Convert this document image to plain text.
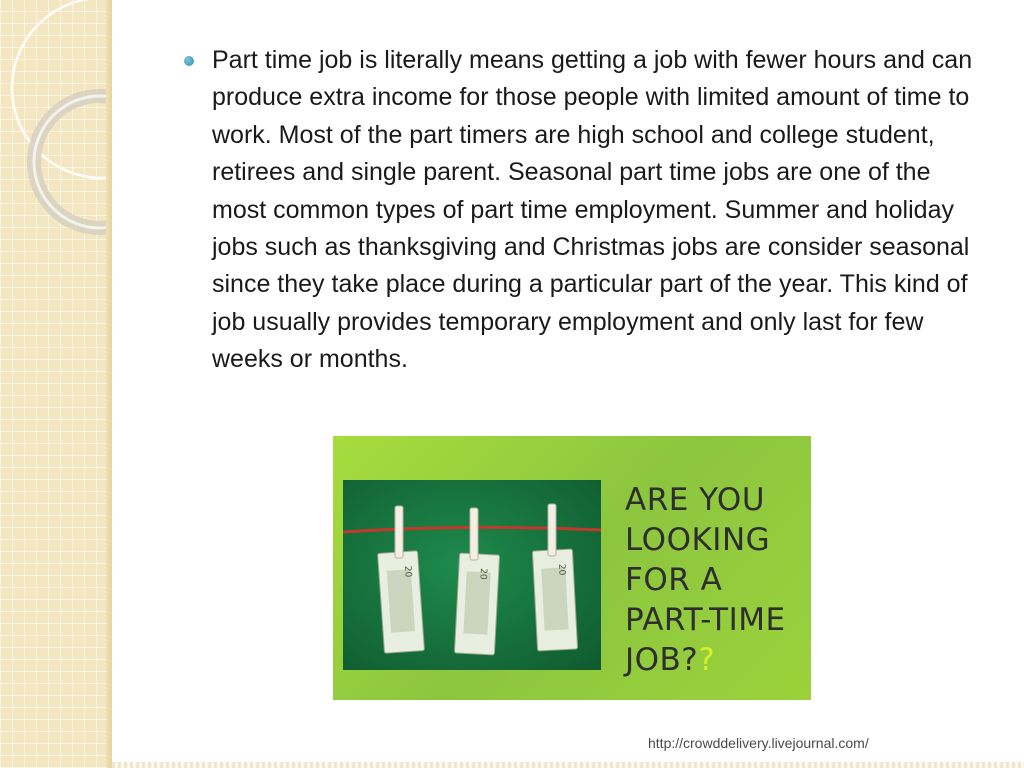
Part time job is literally means getting a job with fewer hours and can produce extra income for those people with limited amount of time to work. Most of the part timers are high school and college student, retirees and single parent. Seasonal part time jobs are one of the most common types of part time employment. Summer and holiday jobs such as thanksgiving and Christmas jobs are consider seasonal since they take place during a particular part of the year. This kind of job usually provides temporary employment and only last for few weeks or months.

20	20	20
ARE YOU
LOOKING
FOR A
PART-TIME
JOB??
http://crowddelivery.livejournal.com/
